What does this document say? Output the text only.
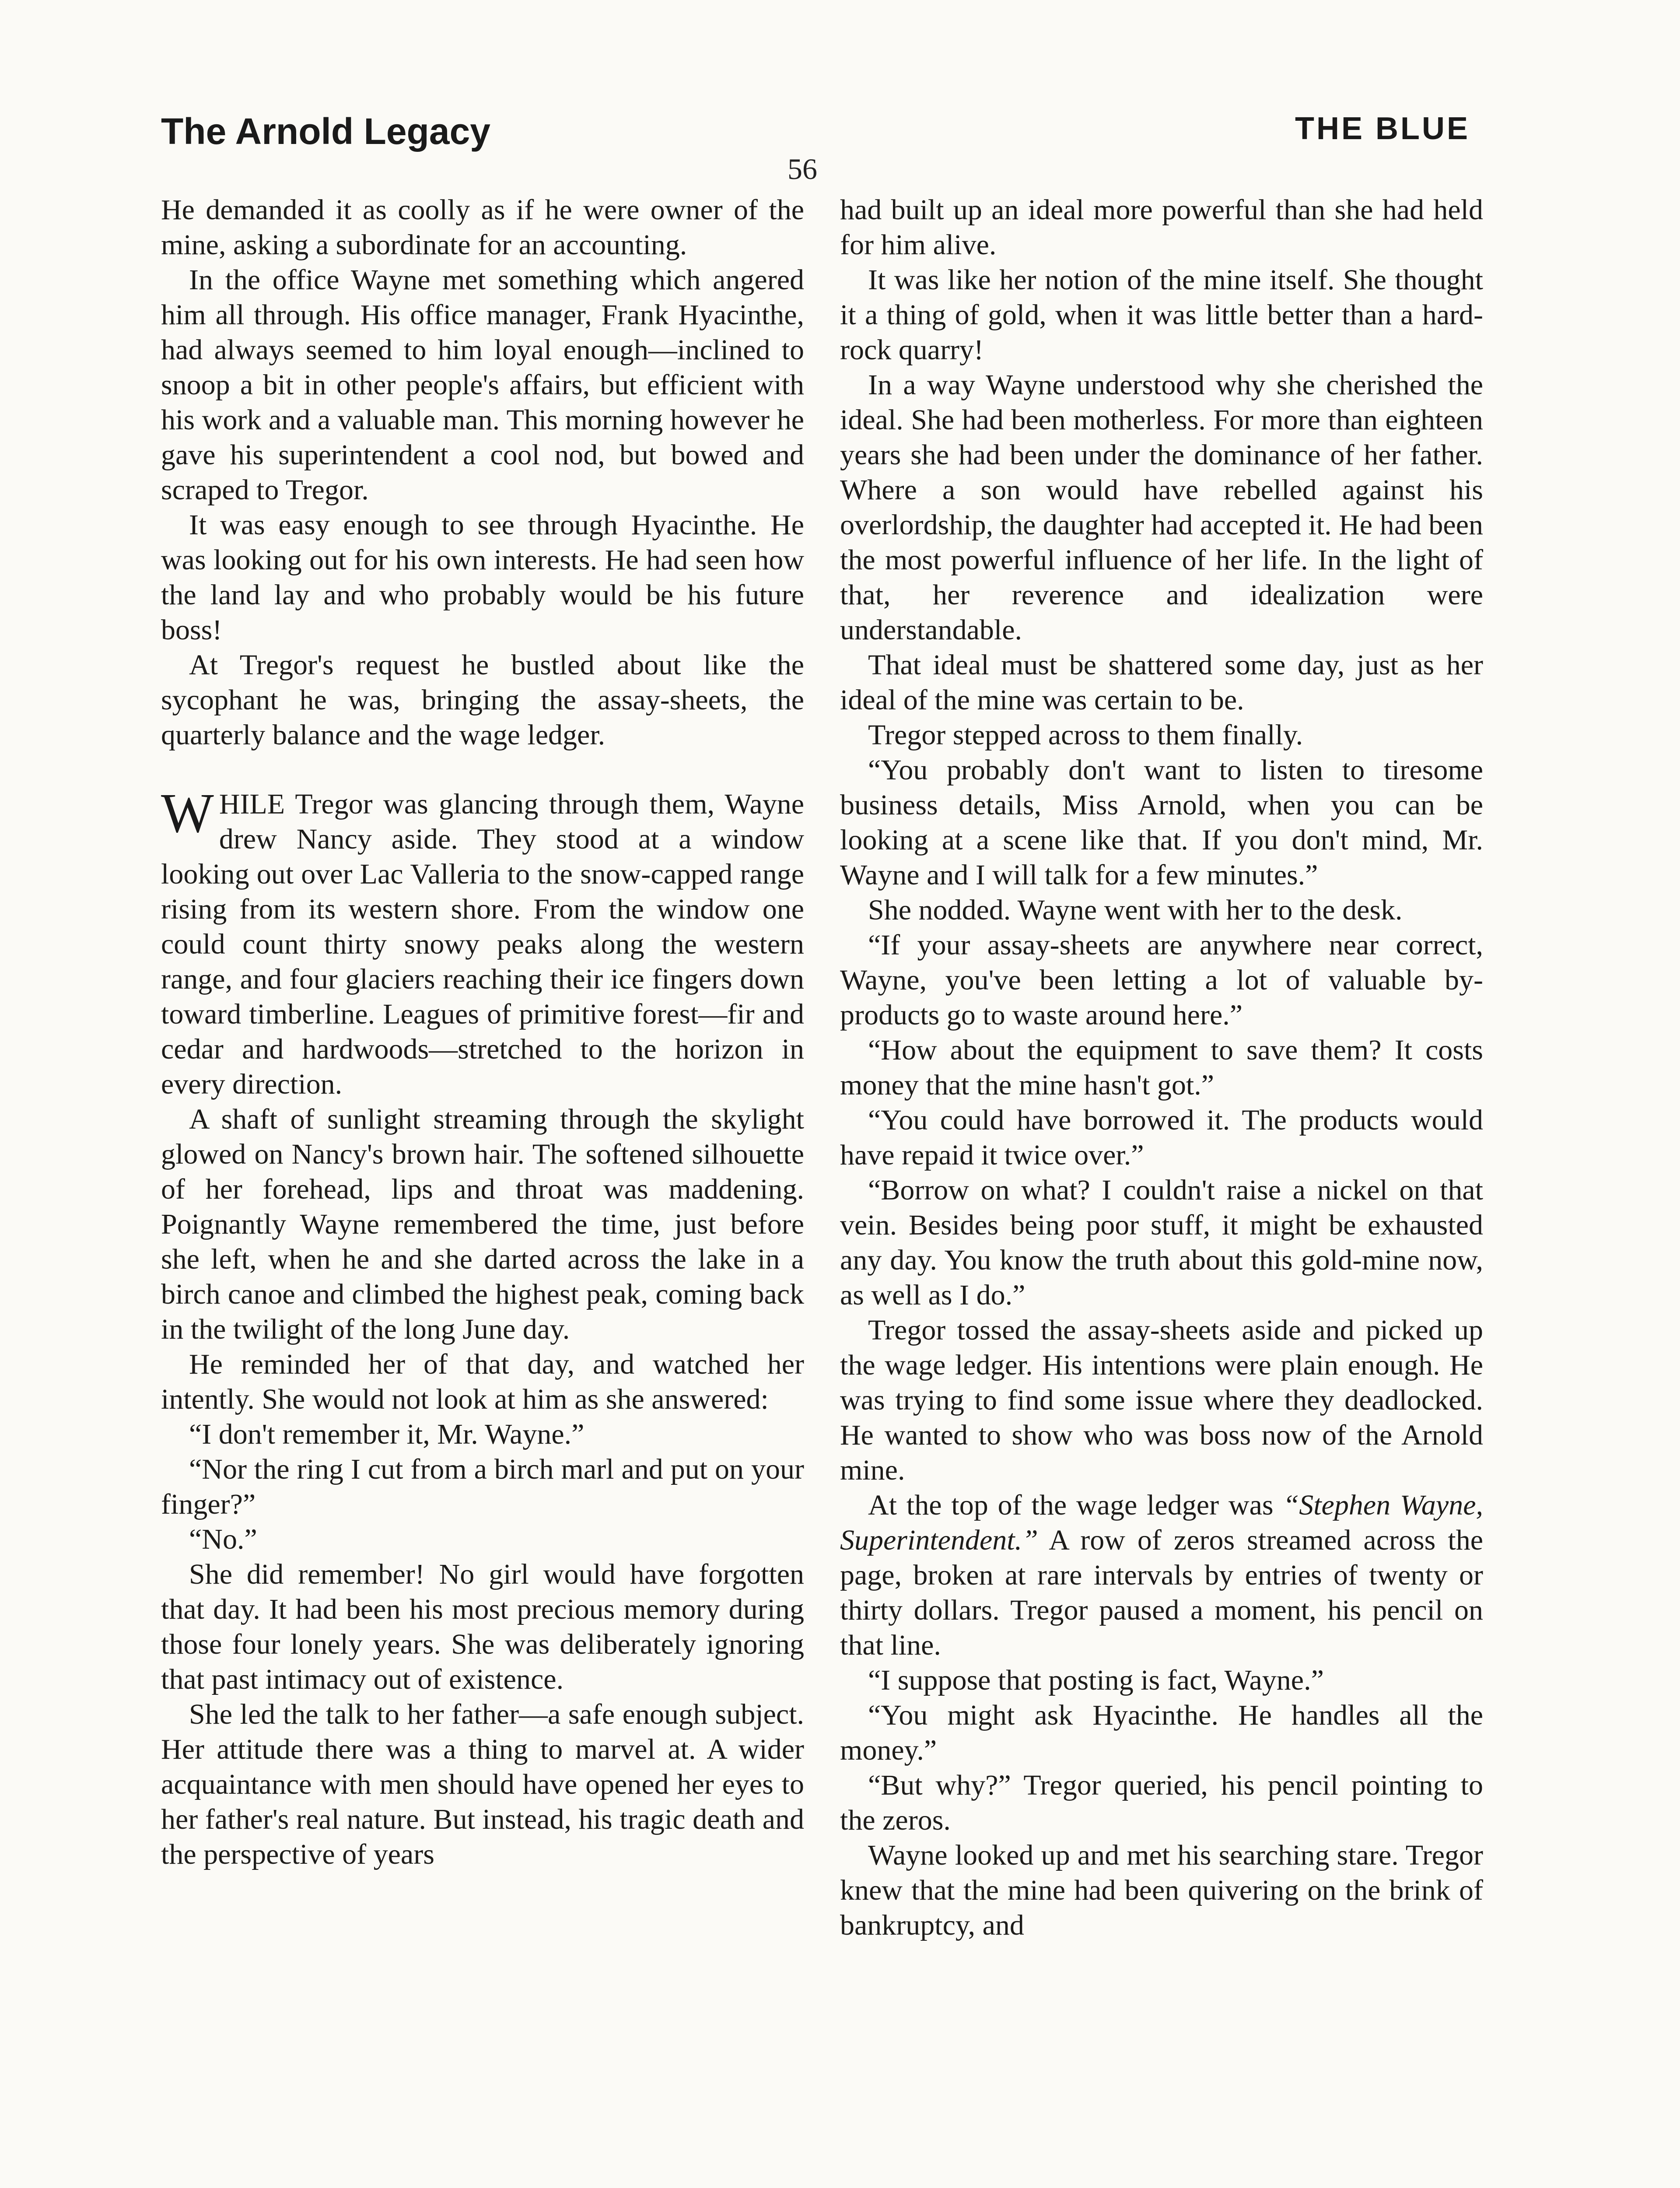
The Arnold Legacy	THE BLUE
56

He demanded it as coolly as if he were owner of the mine, asking a subordinate for an accounting.

In the office Wayne met something which angered him all through. His office manager, Frank Hyacinthe, had always seemed to him loyal enough—inclined to snoop a bit in other people's affairs, but efficient with his work and a valuable man. This morning however he gave his superintendent a cool nod, but bowed and scraped to Tregor.

It was easy enough to see through Hyacinthe. He was looking out for his own interests. He had seen how the land lay and who probably would be his future boss!

At Tregor's request he bustled about like the sycophant he was, bringing the assay-sheets, the quarterly balance and the wage ledger.

WHILE Tregor was glancing through them, Wayne drew Nancy aside. They stood at a window looking out over Lac Valleria to the snow-capped range rising from its western shore. From the window one could count thirty snowy peaks along the western range, and four glaciers reaching their ice fingers down toward timberline. Leagues of primitive forest—fir and cedar and hardwoods—stretched to the horizon in every direction.

A shaft of sunlight streaming through the skylight glowed on Nancy's brown hair. The softened silhouette of her forehead, lips and throat was maddening. Poignantly Wayne remembered the time, just before she left, when he and she darted across the lake in a birch canoe and climbed the highest peak, coming back in the twilight of the long June day.

He reminded her of that day, and watched her intently. She would not look at him as she answered:

“I don't remember it, Mr. Wayne.”

“Nor the ring I cut from a birch marl and put on your finger?”

“No.”

She did remember! No girl would have forgotten that day. It had been his most precious memory during those four lonely years. She was deliberately ignoring that past intimacy out of existence.

She led the talk to her father—a safe enough subject. Her attitude there was a thing to marvel at. A wider acquaintance with men should have opened her eyes to her father's real nature. But instead, his tragic death and the perspective of years

had built up an ideal more powerful than she had held for him alive.

It was like her notion of the mine itself. She thought it a thing of gold, when it was little better than a hard-rock quarry!

In a way Wayne understood why she cherished the ideal. She had been motherless. For more than eighteen years she had been under the dominance of her father. Where a son would have rebelled against his overlordship, the daughter had accepted it. He had been the most powerful influence of her life. In the light of that, her reverence and idealization were understandable.

That ideal must be shattered some day, just as her ideal of the mine was certain to be.

Tregor stepped across to them finally.

“You probably don't want to listen to tiresome business details, Miss Arnold, when you can be looking at a scene like that. If you don't mind, Mr. Wayne and I will talk for a few minutes.”

She nodded. Wayne went with her to the desk.

“If your assay-sheets are anywhere near correct, Wayne, you've been letting a lot of valuable by-products go to waste around here.”

“How about the equipment to save them? It costs money that the mine hasn't got.”

“You could have borrowed it. The products would have repaid it twice over.”

“Borrow on what? I couldn't raise a nickel on that vein. Besides being poor stuff, it might be exhausted any day. You know the truth about this gold-mine now, as well as I do.”

Tregor tossed the assay-sheets aside and picked up the wage ledger. His intentions were plain enough. He was trying to find some issue where they deadlocked. He wanted to show who was boss now of the Arnold mine.

At the top of the wage ledger was “Stephen Wayne, Superintendent.” A row of zeros streamed across the page, broken at rare intervals by entries of twenty or thirty dollars. Tregor paused a moment, his pencil on that line.

“I suppose that posting is fact, Wayne.”

“You might ask Hyacinthe. He handles all the money.”

“But why?” Tregor queried, his pencil pointing to the zeros.

Wayne looked up and met his searching stare. Tregor knew that the mine had been quivering on the brink of bankruptcy, and
